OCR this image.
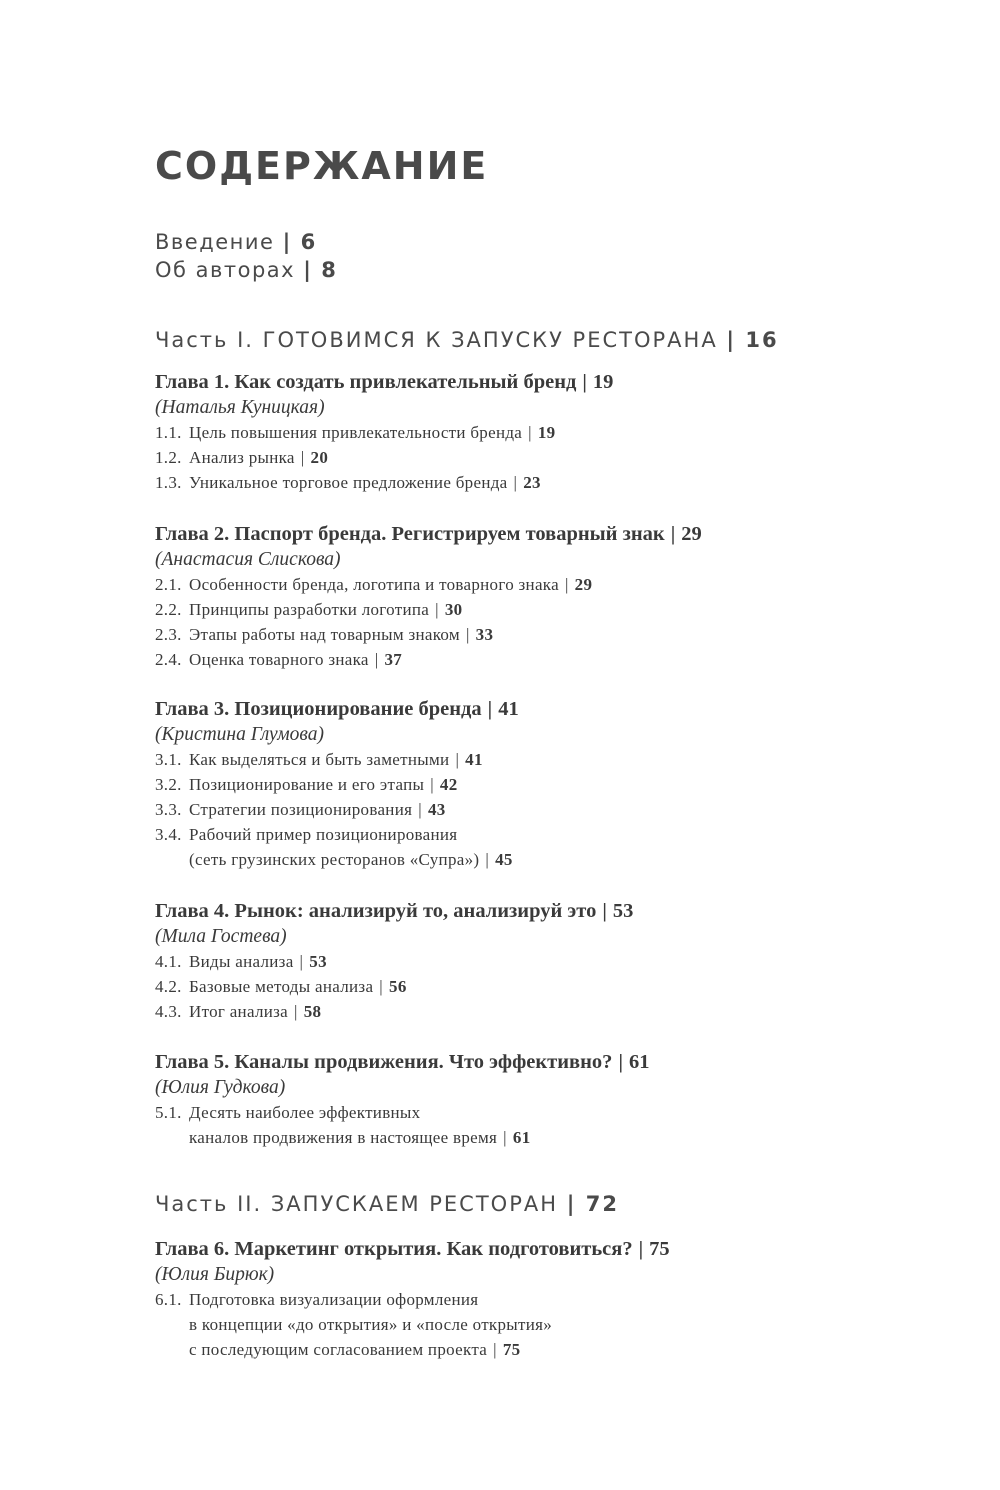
СОДЕРЖАНИЕ
Введение | 6
Об авторах | 8
Часть I. ГОТОВИМСЯ К ЗАПУСКУ РЕСТОРАНА | 16
Глава 1. Как создать привлекательный бренд | 19
(Наталья Куницкая)
1.1. Цель повышения привлекательности бренда | 19
1.2. Анализ рынка | 20
1.3. Уникальное торговое предложение бренда | 23
Глава 2. Паспорт бренда. Регистрируем товарный знак | 29
(Анастасия Слискова)
2.1. Особенности бренда, логотипа и товарного знака | 29
2.2. Принципы разработки логотипа | 30
2.3. Этапы работы над товарным знаком | 33
2.4. Оценка товарного знака | 37
Глава 3. Позиционирование бренда | 41
(Кристина Глумова)
3.1. Как выделяться и быть заметными | 41
3.2. Позиционирование и его этапы | 42
3.3. Стратегии позиционирования | 43
3.4. Рабочий пример позиционирования
(сеть грузинских ресторанов «Супра») | 45
Глава 4. Рынок: анализируй то, анализируй это | 53
(Мила Гостева)
4.1. Виды анализа | 53
4.2. Базовые методы анализа | 56
4.3. Итог анализа | 58
Глава 5. Каналы продвижения. Что эффективно? | 61
(Юлия Гудкова)
5.1. Десять наиболее эффективных
каналов продвижения в настоящее время | 61
Часть II. ЗАПУСКАЕМ РЕСТОРАН | 72
Глава 6. Маркетинг открытия. Как подготовиться? | 75
(Юлия Бирюк)
6.1. Подготовка визуализации оформления
в концепции «до открытия» и «после открытия»
с последующим согласованием проекта | 75
